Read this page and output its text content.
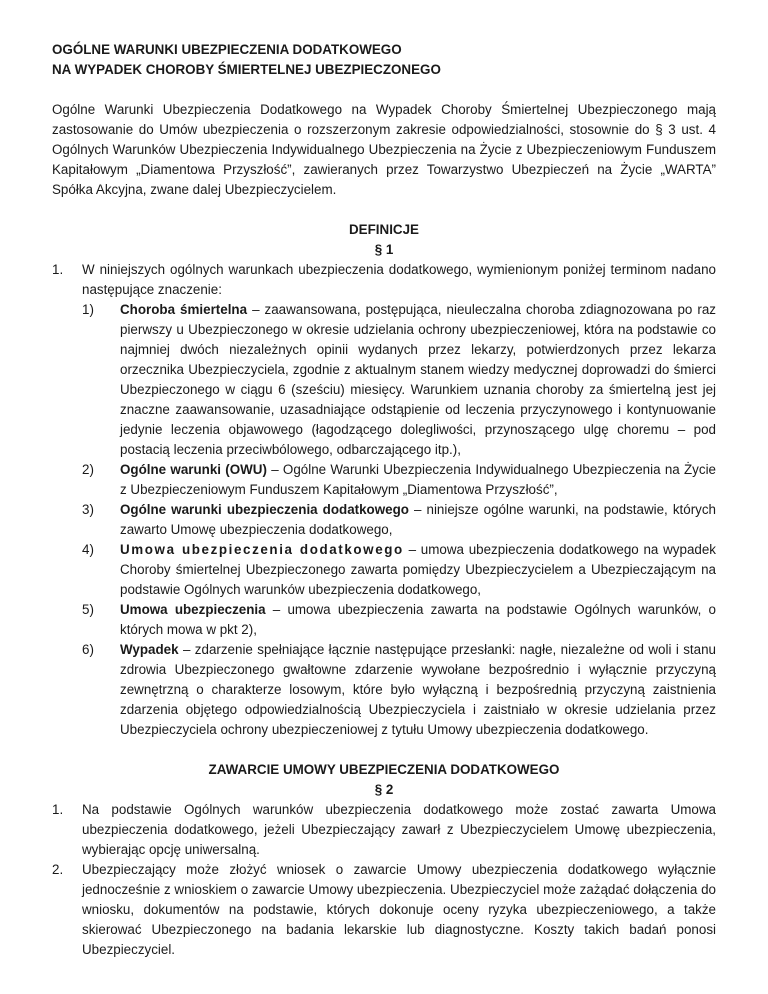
OGÓLNE WARUNKI UBEZPIECZENIA DODATKOWEGO
NA WYPADEK CHOROBY ŚMIERTELNEJ UBEZPIECZONEGO
Ogólne Warunki Ubezpieczenia Dodatkowego na Wypadek Choroby Śmiertelnej Ubezpieczonego mają zastosowanie do Umów ubezpieczenia o rozszerzonym zakresie odpowiedzialności, stosownie do § 3 ust. 4 Ogólnych Warunków Ubezpieczenia Indywidualnego Ubezpieczenia na Życie z Ubezpieczeniowym Funduszem Kapitałowym „Diamentowa Przyszłość”, zawieranych przez Towarzystwo Ubezpieczeń na Życie „WARTA” Spółka Akcyjna, zwane dalej Ubezpieczycielem.
DEFINICJE
§ 1
1.	W niniejszych ogólnych warunkach ubezpieczenia dodatkowego, wymienionym poniżej terminom nadano następujące znaczenie:
1)	Choroba śmiertelna – zaawansowana, postępująca, nieuleczalna choroba zdiagnozowana po raz pierwszy u Ubezpieczonego w okresie udzielania ochrony ubezpieczeniowej, która na podstawie co najmniej dwóch niezależnych opinii wydanych przez lekarzy, potwierdzonych przez lekarza orzecznika Ubezpieczyciela, zgodnie z aktualnym stanem wiedzy medycznej doprowadzi do śmierci Ubezpieczonego w ciągu 6 (sześciu) miesięcy. Warunkiem uznania choroby za śmiertelną jest jej znaczne zaawansowanie, uzasadniające odstąpienie od leczenia przyczynowego i kontynuowanie jedynie leczenia objawowego (łagodzącego dolegliwości, przynoszącego ulgę choremu – pod postacią leczenia przeciwbólowego, odbarczającego itp.),
2)	Ogólne warunki (OWU) – Ogólne Warunki Ubezpieczenia Indywidualnego Ubezpieczenia na Życie z Ubezpieczeniowym Funduszem Kapitałowym „Diamentowa Przyszłość”,
3)	Ogólne warunki ubezpieczenia dodatkowego – niniejsze ogólne warunki, na podstawie, których zawarto Umowę ubezpieczenia dodatkowego,
4)	Umowa ubezpieczenia dodatkowego – umowa ubezpieczenia dodatkowego na wypadek Choroby śmiertelnej Ubezpieczonego zawarta pomiędzy Ubezpieczycielem a Ubezpieczającym na podstawie Ogólnych warunków ubezpieczenia dodatkowego,
5)	Umowa ubezpieczenia – umowa ubezpieczenia zawarta na podstawie Ogólnych warunków, o których mowa w pkt 2),
6)	Wypadek – zdarzenie spełniające łącznie następujące przesłanki: nagłe, niezależne od woli i stanu zdrowia Ubezpieczonego gwałtowne zdarzenie wywołane bezpośrednio i wyłącznie przyczyną zewnętrzną o charakterze losowym, które było wyłączną i bezpośrednią przyczyną zaistnienia zdarzenia objętego odpowiedzialnością Ubezpieczyciela i zaistniało w okresie udzielania przez Ubezpieczyciela ochrony ubezpieczeniowej z tytułu Umowy ubezpieczenia dodatkowego.
ZAWARCIE UMOWY UBEZPIECZENIA DODATKOWEGO
§ 2
1.	Na podstawie Ogólnych warunków ubezpieczenia dodatkowego może zostać zawarta Umowa ubezpieczenia dodatkowego, jeżeli Ubezpieczający zawarł z Ubezpieczycielem Umowę ubezpieczenia, wybierając opcję uniwersalną.
2.	Ubezpieczający może złożyć wniosek o zawarcie Umowy ubezpieczenia dodatkowego wyłącznie jednocześnie z wnioskiem o zawarcie Umowy ubezpieczenia. Ubezpieczyciel może zażądać dołączenia do wniosku, dokumentów na podstawie, których dokonuje oceny ryzyka ubezpieczeniowego, a także skierować Ubezpieczonego na badania lekarskie lub diagnostyczne. Koszty takich badań ponosi Ubezpieczyciel.
